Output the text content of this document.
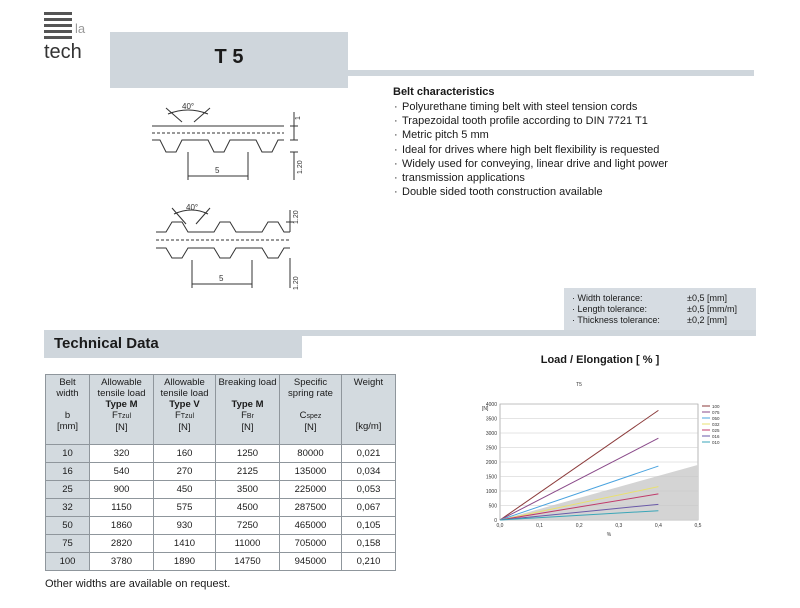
la
tech	T 5
40°
5
1
1.20
40°
5
1.20
1.20
Belt characteristics
· Polyurethane timing belt with steel tension cords
· Trapezoidal tooth profile according to DIN 7721 T1
· Metric pitch 5 mm
· Ideal for drives where high belt flexibility is requested
· Widely used for conveying, linear drive and light power
· transmission applications
· Double sided tooth construction available
· Width tolerance:	±0,5 [mm]
· Length tolerance:	±0,5 [mm/m]
· Thickness tolerance:	±0,2 [mm]
Technical Data
Belt
width

b
[mm]	Allowable
tensile load
Type M
FTzul
[N]	Allowable
tensile load
Type V
FTzul
[N]	Breaking load

Type M
FBr
[N]	Specific
spring rate

Cspez
[N]	Weight

[kg/m]

10	320	160	1250	80000	0,021
16	540	270	2125	135000	0,034
25	900	450	3500	225000	0,053
32	1150	575	4500	287500	0,067
50	1860	930	7250	465000	0,105
75	2820	1410	11000	705000	0,158
100	3780	1890	14750	945000	0,210
Other widths are available on request.
Load / Elongation [ % ]
0
500
1000
1500
2000
2500
3000
3500
4000
0,0	0,1	0,2	0,3	0,4	0,5
T5
[N]
%
100
075
050
032
025
016
010
